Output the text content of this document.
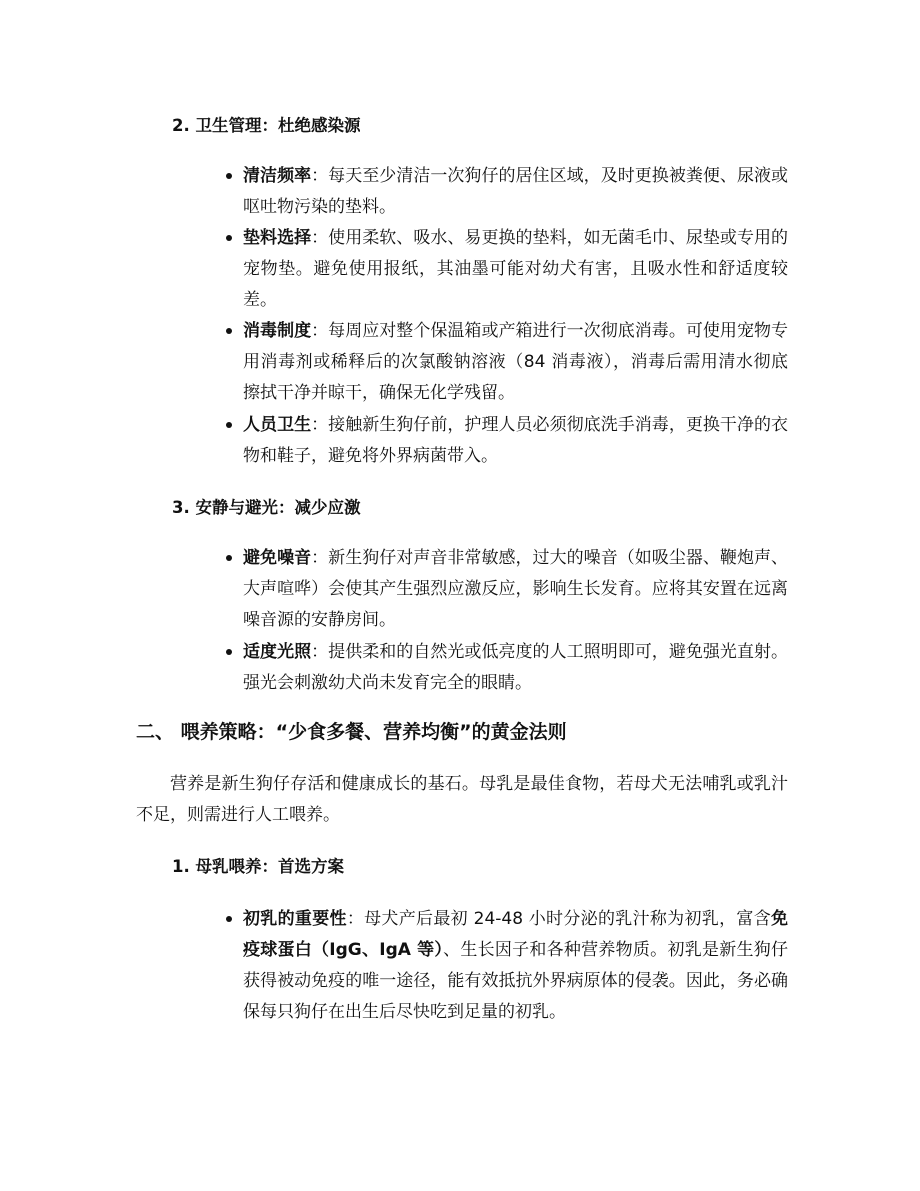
2. 卫生管理：杜绝感染源

清洁频率：每天至少清洁一次狗仔的居住区域，及时更换被粪便、尿液或呕吐物污染的垫料。

垫料选择：使用柔软、吸水、易更换的垫料，如无菌毛巾、尿垫或专用的宠物垫。避免使用报纸，其油墨可能对幼犬有害，且吸水性和舒适度较差。

消毒制度：每周应对整个保温箱或产箱进行一次彻底消毒。可使用宠物专用消毒剂或稀释后的次氯酸钠溶液（84 消毒液），消毒后需用清水彻底擦拭干净并晾干，确保无化学残留。

人员卫生：接触新生狗仔前，护理人员必须彻底洗手消毒，更换干净的衣物和鞋子，避免将外界病菌带入。

3. 安静与避光：减少应激

避免噪音：新生狗仔对声音非常敏感，过大的噪音（如吸尘器、鞭炮声、大声喧哗）会使其产生强烈应激反应，影响生长发育。应将其安置在远离噪音源的安静房间。

适度光照：提供柔和的自然光或低亮度的人工照明即可，避免强光直射。强光会刺激幼犬尚未发育完全的眼睛。

二、 喂养策略：“少食多餐、营养均衡”的黄金法则

营养是新生狗仔存活和健康成长的基石。母乳是最佳食物，若母犬无法哺乳或乳汁不足，则需进行人工喂养。

1. 母乳喂养：首选方案

初乳的重要性：母犬产后最初 24-48 小时分泌的乳汁称为初乳，富含免疫球蛋白（IgG、IgA 等）、生长因子和各种营养物质。初乳是新生狗仔获得被动免疫的唯一途径，能有效抵抗外界病原体的侵袭。因此，务必确保每只狗仔在出生后尽快吃到足量的初乳。
